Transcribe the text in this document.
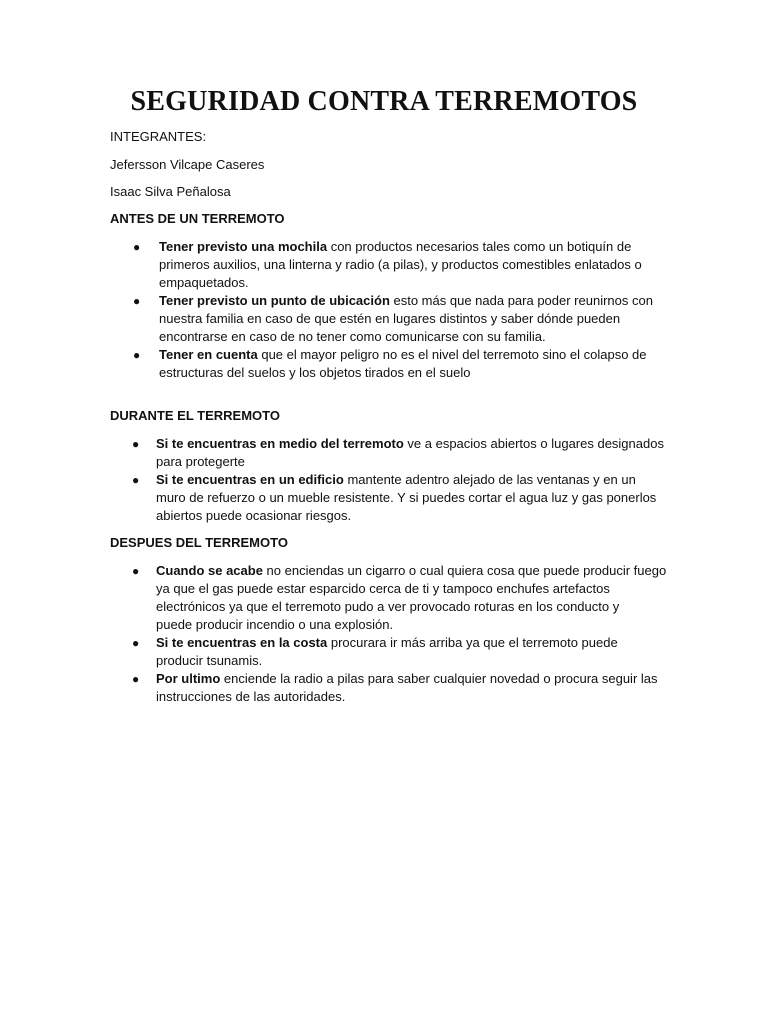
SEGURIDAD CONTRA TERREMOTOS

INTEGRANTES:

Jefersson Vilcape Caseres

Isaac Silva Peñalosa

ANTES DE UN TERREMOTO

● Tener previsto una mochila con productos necesarios tales como un botiquín de
primeros auxilios, una linterna y radio (a pilas), y productos comestibles enlatados o
empaquetados.
● Tener previsto un punto de ubicación esto más que nada para poder reunirnos con
nuestra familia en caso de que estén en lugares distintos y saber dónde pueden
encontrarse en caso de no tener como comunicarse con su familia.
● Tener en cuenta que el mayor peligro no es el nivel del terremoto sino el colapso de
estructuras del suelos y los objetos tirados en el suelo

DURANTE EL TERREMOTO

● Si te encuentras en medio del terremoto ve a espacios abiertos o lugares designados
para protegerte
● Si te encuentras en un edificio mantente adentro alejado de las ventanas y en un
muro de refuerzo o un mueble resistente. Y si puedes cortar el agua luz y gas ponerlos
abiertos puede ocasionar riesgos.

DESPUES DEL TERREMOTO

● Cuando se acabe no enciendas un cigarro o cual quiera cosa que puede producir fuego
ya que el gas puede estar esparcido cerca de ti y tampoco enchufes artefactos
electrónicos ya que el terremoto pudo a ver provocado roturas en los conducto y
puede producir incendio o una explosión.
● Si te encuentras en la costa procurara ir más arriba ya que el terremoto puede
producir tsunamis.
● Por ultimo enciende la radio a pilas para saber cualquier novedad o procura seguir las
instrucciones de las autoridades.
